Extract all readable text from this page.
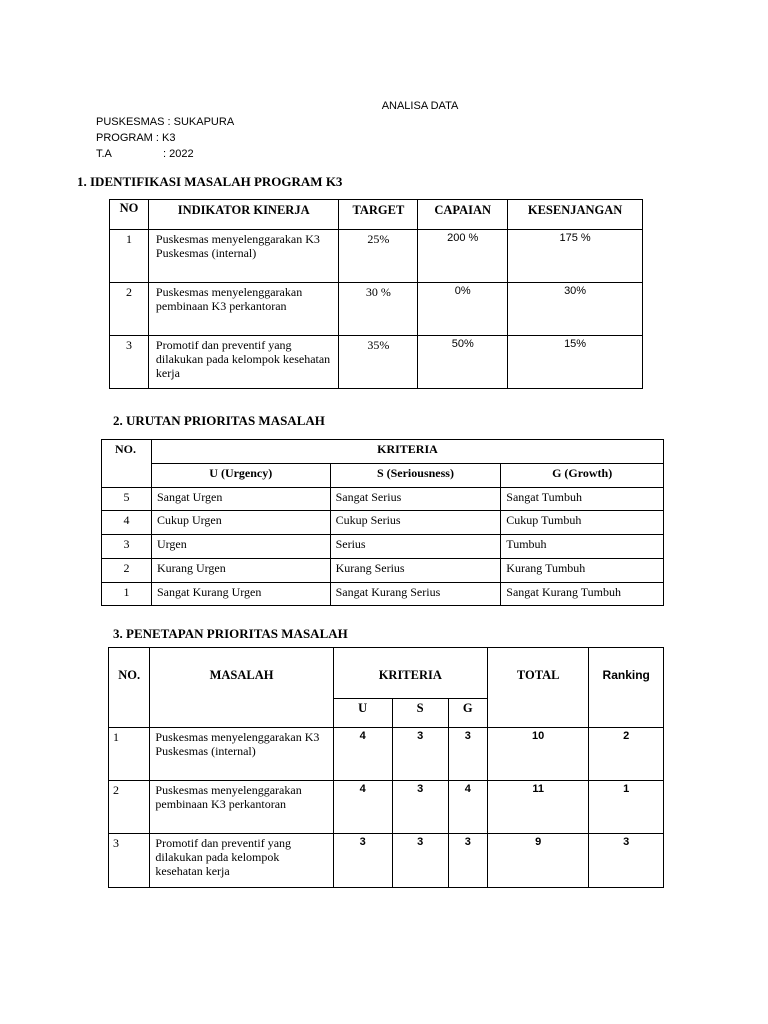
ANALISA DATA
PUSKESMAS : SUKAPURA
PROGRAM : K3
T.A	: 2022
1. IDENTIFIKASI MASALAH PROGRAM K3
NO	INDIKATOR KINERJA	TARGET	CAPAIAN	KESENJANGAN
1	Puskesmas menyelenggarakan K3 Puskesmas (internal)	25%	200 %	175 %
2	Puskesmas menyelenggarakan pembinaan K3 perkantoran	30 %	0%	30%
3	Promotif dan preventif yang dilakukan pada kelompok kesehatan kerja	35%	50%	15%
2. URUTAN PRIORITAS MASALAH
NO.	KRITERIA		
	U (Urgency)	S (Seriousness)	G (Growth)
5	Sangat Urgen	Sangat Serius	Sangat Tumbuh
4	Cukup Urgen	Cukup Serius	Cukup Tumbuh
3	Urgen	Serius	Tumbuh
2	Kurang Urgen	Kurang Serius	Kurang Tumbuh
1	Sangat Kurang Urgen	Sangat Kurang Serius	Sangat Kurang Tumbuh
3. PENETAPAN PRIORITAS MASALAH
NO.	MASALAH	KRITERIA			TOTAL	Ranking
		U	S	G		
1	Puskesmas menyelenggarakan K3 Puskesmas (internal)	4	3	3	10	2
2	Puskesmas menyelenggarakan pembinaan K3 perkantoran	4	3	4	11	1
3	Promotif dan preventif yang dilakukan pada kelompok kesehatan kerja	3	3	3	9	3
